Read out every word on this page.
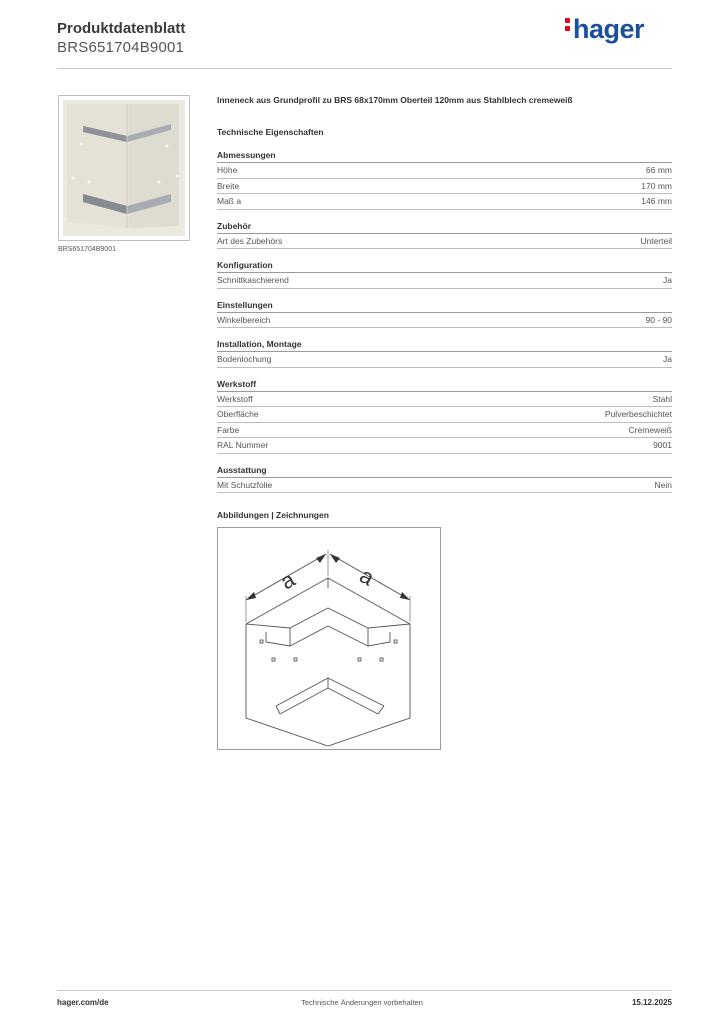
Produktdatenblatt
BRS651704B9001
hager
BRS651704B9001
Inneneck aus Grundprofil zu BRS 68x170mm Oberteil 120mm aus Stahlblech cremeweiß
Technische Eigenschaften
Abmessungen
Höhe	66 mm
Breite	170 mm
Maß a	146 mm
Zubehör
Art des Zubehörs	Unterteil
Konfiguration
Schnittkaschierend	Ja
Einstellungen
Winkelbereich	90 - 90
Installation, Montage
Bodenlochung	Ja
Werkstoff
Werkstoff	Stahl
Oberfläche	Pulverbeschichtet
Farbe	Cremeweiß
RAL Nummer	9001
Ausstattung
Mit Schutzfolie	Nein
Abbildungen | Zeichnungen
a	a
hager.com/de	Technische Änderungen vorbehalten	15.12.2025
